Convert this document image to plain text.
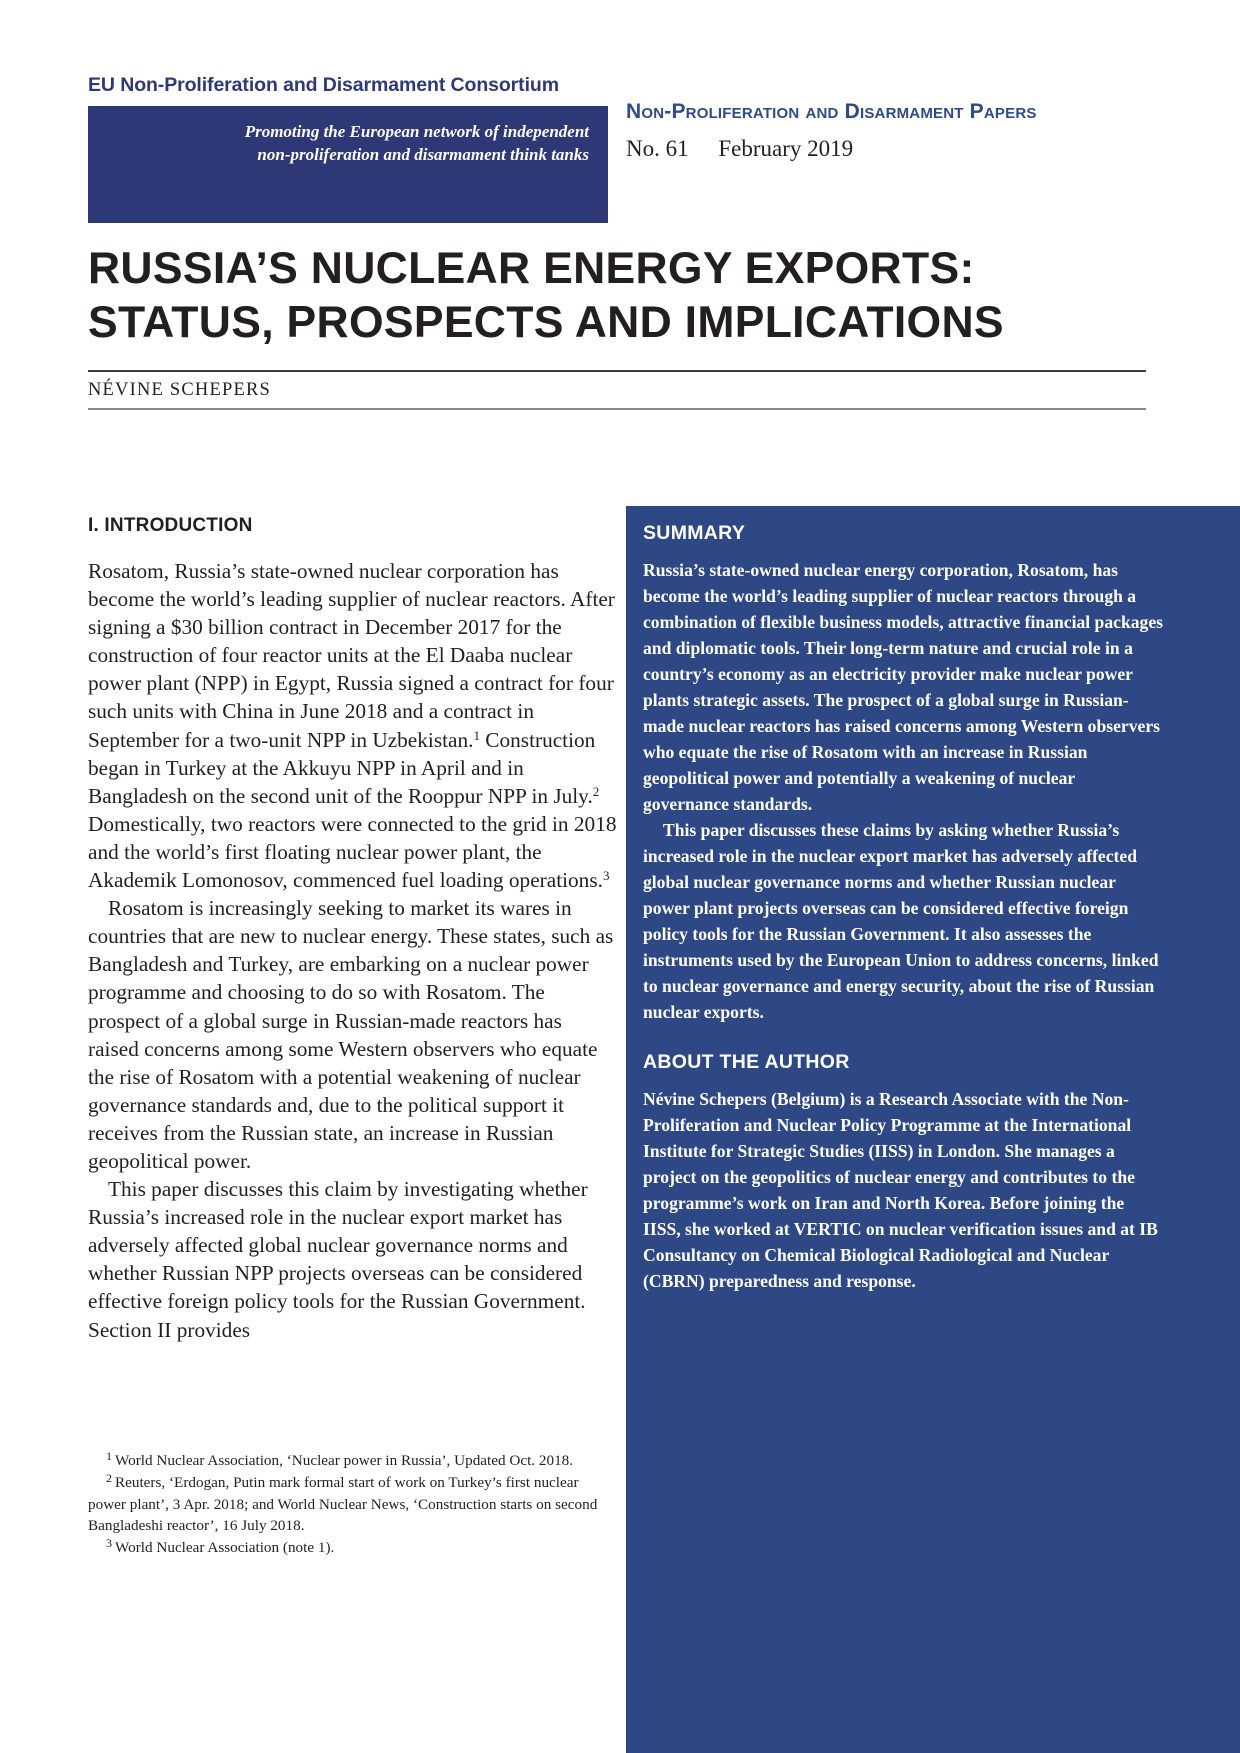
EU Non-Proliferation and Disarmament Consortium
Promoting the European network of independent
non-proliferation and disarmament think tanks
Non-Proliferation and Disarmament Papers
No. 61 February 2019
RUSSIA’S NUCLEAR ENERGY EXPORTS:
STATUS, PROSPECTS AND IMPLICATIONS
NÉVINE SCHEPERS
I. INTRODUCTION

Rosatom, Russia’s state-owned nuclear corporation has become the world’s leading supplier of nuclear reactors. After signing a $30 billion contract in December 2017 for the construction of four reactor units at the El Daaba nuclear power plant (NPP) in Egypt, Russia signed a contract for four such units with China in June 2018 and a contract in September for a two-unit NPP in Uzbekistan.$^1$ Construction began in Turkey at the Akkuyu NPP in April and in Bangladesh on the second unit of the Rooppur NPP in July.$^2$ Domestically, two reactors were connected to the grid in 2018 and the world’s first floating nuclear power plant, the Akademik Lomonosov, commenced fuel loading operations.$^3$

Rosatom is increasingly seeking to market its wares in countries that are new to nuclear energy. These states, such as Bangladesh and Turkey, are embarking on a nuclear power programme and choosing to do so with Rosatom. The prospect of a global surge in Russian-made reactors has raised concerns among some Western observers who equate the rise of Rosatom with a potential weakening of nuclear governance standards and, due to the political support it receives from the Russian state, an increase in Russian geopolitical power.

This paper discusses this claim by investigating whether Russia’s increased role in the nuclear export market has adversely affected global nuclear governance norms and whether Russian NPP projects overseas can be considered effective foreign policy tools for the Russian Government. Section II provides

$^1$ World Nuclear Association, ‘Nuclear power in Russia’, Updated Oct. 2018.
$^2$ Reuters, ‘Erdogan, Putin mark formal start of work on Turkey’s first nuclear power plant’, 3 Apr. 2018; and World Nuclear News, ‘Construction starts on second Bangladeshi reactor’, 16 July 2018.
$^3$ World Nuclear Association (note 1).
SUMMARY

Russia’s state-owned nuclear energy corporation, Rosatom, has become the world’s leading supplier of nuclear reactors through a combination of flexible business models, attractive financial packages and diplomatic tools. Their long-term nature and crucial role in a country’s economy as an electricity provider make nuclear power plants strategic assets. The prospect of a global surge in Russian-made nuclear reactors has raised concerns among Western observers who equate the rise of Rosatom with an increase in Russian geopolitical power and potentially a weakening of nuclear governance standards.

This paper discusses these claims by asking whether Russia’s increased role in the nuclear export market has adversely affected global nuclear governance norms and whether Russian nuclear power plant projects overseas can be considered effective foreign policy tools for the Russian Government. It also assesses the instruments used by the European Union to address concerns, linked to nuclear governance and energy security, about the rise of Russian nuclear exports.

ABOUT THE AUTHOR

Névine Schepers (Belgium) is a Research Associate with the Non-Proliferation and Nuclear Policy Programme at the International Institute for Strategic Studies (IISS) in London. She manages a project on the geopolitics of nuclear energy and contributes to the programme’s work on Iran and North Korea. Before joining the IISS, she worked at VERTIC on nuclear verification issues and at IB Consultancy on Chemical Biological Radiological and Nuclear (CBRN) preparedness and response.
